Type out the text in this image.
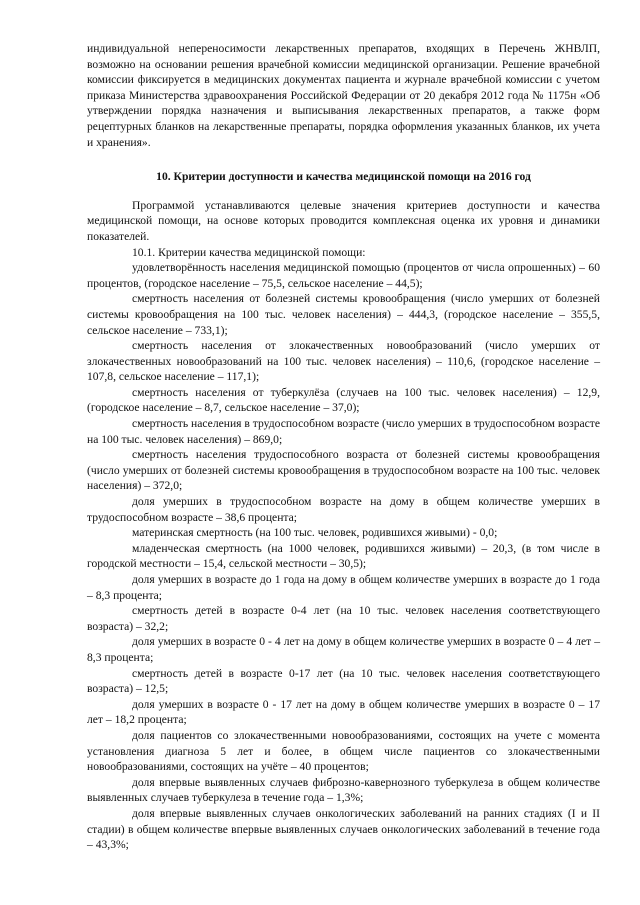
индивидуальной непереносимости лекарственных препаратов, входящих в Перечень ЖНВЛП, возможно на основании решения врачебной комиссии медицинской организации. Решение врачебной комиссии фиксируется в медицинских документах пациента и журнале врачебной комиссии с учетом приказа Министерства здравоохранения Российской Федерации от 20 декабря 2012 года № 1175н «Об утверждении порядка назначения и выписывания лекарственных препаратов, а также форм рецептурных бланков на лекарственные препараты, порядка оформления указанных бланков, их учета и хранения».

10. Критерии доступности и качества медицинской помощи на 2016 год

Программой устанавливаются целевые значения критериев доступности и качества медицинской помощи, на основе которых проводится комплексная оценка их уровня и динамики показателей.

10.1. Критерии качества медицинской помощи:

удовлетворённость населения медицинской помощью (процентов от числа опрошенных) – 60 процентов, (городское население – 75,5, сельское население – 44,5);

смертность населения от болезней системы кровообращения (число умерших от болезней системы кровообращения на 100 тыс. человек населения) – 444,3, (городское население – 355,5, сельское население – 733,1);

смертность населения от злокачественных новообразований (число умерших от злокачественных новообразований на 100 тыс. человек населения) – 110,6, (городское население – 107,8, сельское население – 117,1);

смертность населения от туберкулёза (случаев на 100 тыс. человек населения) – 12,9, (городское население – 8,7, сельское население – 37,0);

смертность населения в трудоспособном возрасте (число умерших в трудоспособном возрасте на 100 тыс. человек населения) – 869,0;

смертность населения трудоспособного возраста от болезней системы кровообращения (число умерших от болезней системы кровообращения в трудоспособном возрасте на 100 тыс. человек населения) – 372,0;

доля умерших в трудоспособном возрасте на дому в общем количестве умерших в трудоспособном возрасте – 38,6 процента;

материнская смертность (на 100 тыс. человек, родившихся живыми) - 0,0;

младенческая смертность (на 1000 человек, родившихся живыми) – 20,3, (в том числе в городской местности – 15,4, сельской местности – 30,5);

доля умерших в возрасте до 1 года на дому в общем количестве умерших в возрасте до 1 года – 8,3 процента;

смертность детей в возрасте 0-4 лет (на 10 тыс. человек населения соответствующего возраста) – 32,2;

доля умерших в возрасте 0 - 4 лет на дому в общем количестве умерших в возрасте 0 – 4 лет – 8,3 процента;

смертность детей в возрасте 0-17 лет (на 10 тыс. человек населения соответствующего возраста) – 12,5;

доля умерших в возрасте 0 - 17 лет на дому в общем количестве умерших в возрасте 0 – 17 лет – 18,2 процента;

доля пациентов со злокачественными новообразованиями, состоящих на учете с момента установления диагноза 5 лет и более, в общем числе пациентов со злокачественными новообразованиями, состоящих на учёте – 40 процентов;

доля впервые выявленных случаев фиброзно-кавернозного туберкулеза в общем количестве выявленных случаев туберкулеза в течение года – 1,3%;

доля впервые выявленных случаев онкологических заболеваний на ранних стадиях (I и II стадии) в общем количестве впервые выявленных случаев онкологических заболеваний в течение года – 43,3%;
